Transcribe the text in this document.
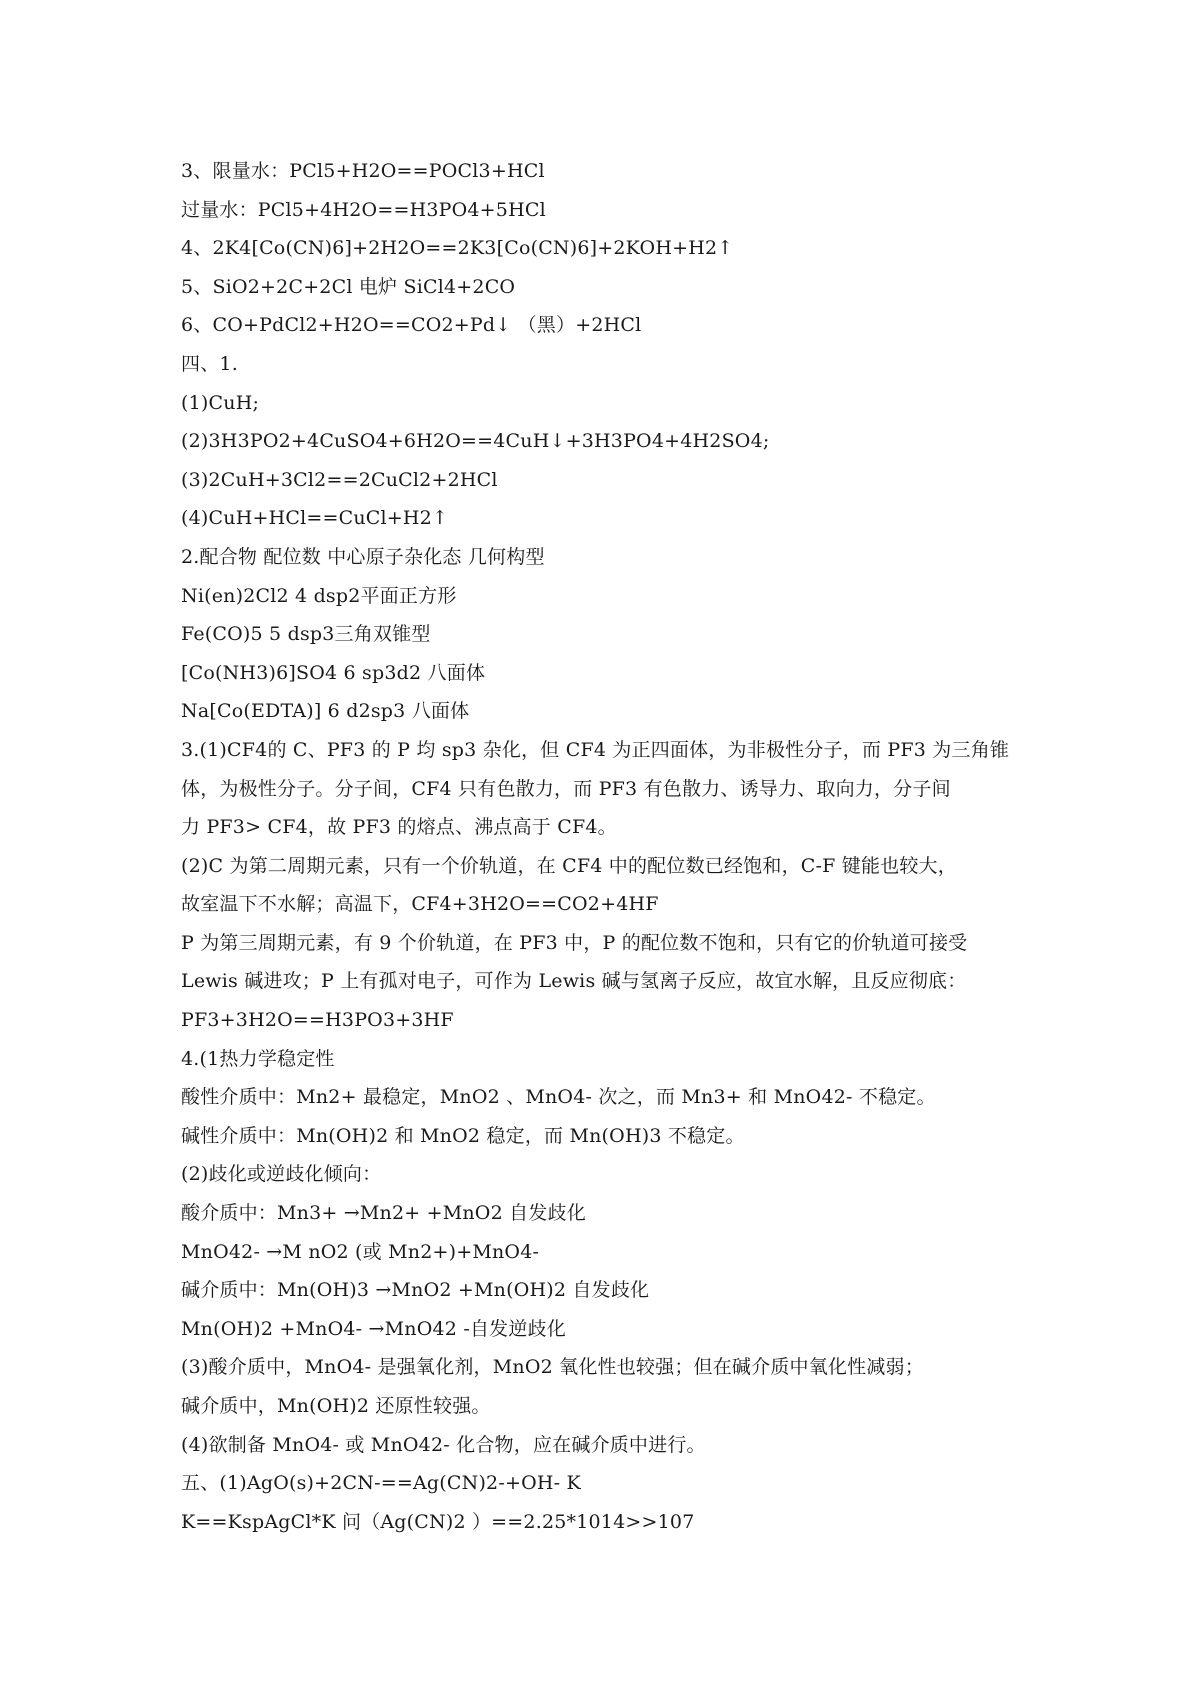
3、限量水：PCl5+H2O==POCl3+HCl
过量水：PCl5+4H2O==H3PO4+5HCl
4、2K4[Co(CN)6]+2H2O==2K3[Co(CN)6]+2KOH+H2↑
5、SiO2+2C+2Cl 电炉 SiCl4+2CO
6、CO+PdCl2+H2O==CO2+Pd↓ （黑）+2HCl
四、1.
(1)CuH;
(2)3H3PO2+4CuSO4+6H2O==4CuH↓+3H3PO4+4H2SO4;
(3)2CuH+3Cl2==2CuCl2+2HCl
(4)CuH+HCl==CuCl+H2↑
2.配合物 配位数 中心原子杂化态 几何构型
Ni(en)2Cl2 4 dsp2平面正方形
Fe(CO)5 5 dsp3三角双锥型
[Co(NH3)6]SO4 6 sp3d2 八面体
Na[Co(EDTA)] 6 d2sp3 八面体
3.(1)CF4的 C、PF3 的 P 均 sp3 杂化，但 CF4 为正四面体，为非极性分子，而 PF3 为三角锥
体，为极性分子。分子间，CF4 只有色散力，而 PF3 有色散力、诱导力、取向力，分子间
力 PF3> CF4，故 PF3 的熔点、沸点高于 CF4。
(2)C 为第二周期元素，只有一个价轨道，在 CF4 中的配位数已经饱和，C-F 键能也较大，
故室温下不水解；高温下，CF4+3H2O==CO2+4HF
P 为第三周期元素，有 9 个价轨道，在 PF3 中，P 的配位数不饱和，只有它的价轨道可接受
Lewis 碱进攻；P 上有孤对电子，可作为 Lewis 碱与氢离子反应，故宜水解，且反应彻底：
PF3+3H2O==H3PO3+3HF
4.(1热力学稳定性
酸性介质中：Mn2+ 最稳定，MnO2 、MnO4- 次之，而 Mn3+ 和 MnO42- 不稳定。
碱性介质中：Mn(OH)2 和 MnO2 稳定，而 Mn(OH)3 不稳定。
(2)歧化或逆歧化倾向：
酸介质中：Mn3+ →Mn2+ +MnO2 自发歧化
MnO42- →M nO2 (或 Mn2+)+MnO4-
碱介质中：Mn(OH)3 →MnO2 +Mn(OH)2 自发歧化
Mn(OH)2 +MnO4- →MnO42 -自发逆歧化
(3)酸介质中，MnO4- 是强氧化剂，MnO2 氧化性也较强；但在碱介质中氧化性减弱；
碱介质中，Mn(OH)2 还原性较强。
(4)欲制备 MnO4- 或 MnO42- 化合物，应在碱介质中进行。
五、(1)AgO(s)+2CN-==Ag(CN)2-+OH- K
K==KspAgCl*K 问（Ag(CN)2 ）==2.25*1014>>107
